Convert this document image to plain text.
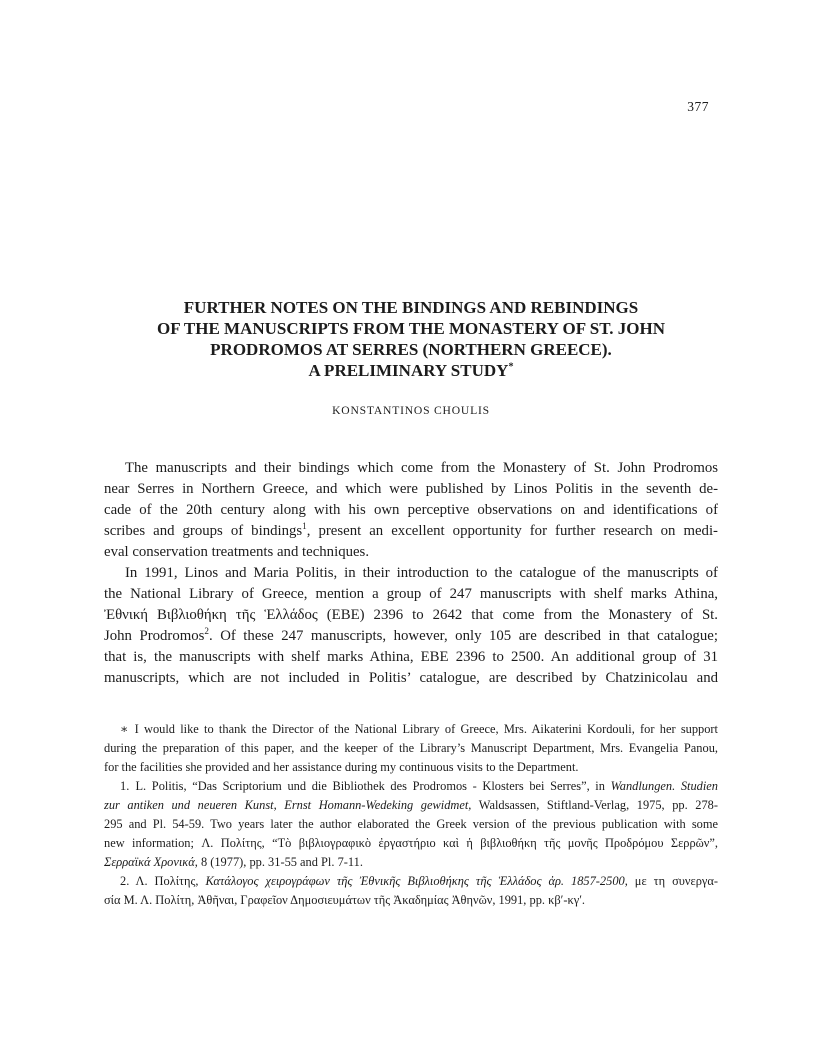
377
FURTHER NOTES ON THE BINDINGS AND REBINDINGS
OF THE MANUSCRIPTS FROM THE MONASTERY OF ST. JOHN
PRODROMOS AT SERRES (NORTHERN GREECE).
A PRELIMINARY STUDY*
KONSTANTINOS CHOULIS
The manuscripts and their bindings which come from the Monastery of St. John Prodromos
near Serres in Northern Greece, and which were published by Linos Politis in the seventh de-
cade of the 20th century along with his own perceptive observations on and identifications of
scribes and groups of bindings$^1$, present an excellent opportunity for further research on medi-
eval conservation treatments and techniques.
In 1991, Linos and Maria Politis, in their introduction to the catalogue of the manuscripts of
the National Library of Greece, mention a group of 247 manuscripts with shelf marks Athina,
Ἐθνική Βιβλιοθήκη τῆς Ἑλλάδος (ΕΒΕ) 2396 to 2642 that come from the Monastery of St.
John Prodromos$^2$. Of these 247 manuscripts, however, only 105 are described in that catalogue;
that is, the manuscripts with shelf marks Athina, EBE 2396 to 2500. An additional group of 31
manuscripts, which are not included in Politis’ catalogue, are described by Chatzinicolau and
∗ I would like to thank the Director of the National Library of Greece, Mrs. Aikaterini Kordouli, for her support
during the preparation of this paper, and the keeper of the Library’s Manuscript Department, Mrs. Evangelia Panou,
for the facilities she provided and her assistance during my continuous visits to the Department.
1. L. Politis, “Das Scriptorium und die Bibliothek des Prodromos - Klosters bei Serres”, in Wandlungen. Studien
zur antiken und neueren Kunst, Ernst Homann-Wedeking gewidmet, Waldsassen, Stiftland-Verlag, 1975, pp. 278-
295 and Pl. 54-59. Two years later the author elaborated the Greek version of the previous publication with some
new information; Λ. Πολίτης, “Τὸ βιβλιογραφικὸ ἐργαστήριο καὶ ἡ βιβλιοθήκη τῆς μονῆς Προδρόμου Σερρῶν”,
Σερραϊκά Χρονικά, 8 (1977), pp. 31-55 and Pl. 7-11.
2. Λ. Πολίτης, Κατάλογος χειρογράφων τῆς Ἐθνικῆς Βιβλιοθήκης τῆς Ἑλλάδος ἀρ. 1857-2500, με τη συνεργα-
σία Μ. Λ. Πολίτη, Ἀθῆναι, Γραφεῖον Δημοσιευμάτων τῆς Ἀκαδημίας Ἀθηνῶν, 1991, pp. κβ′-κγ′.
